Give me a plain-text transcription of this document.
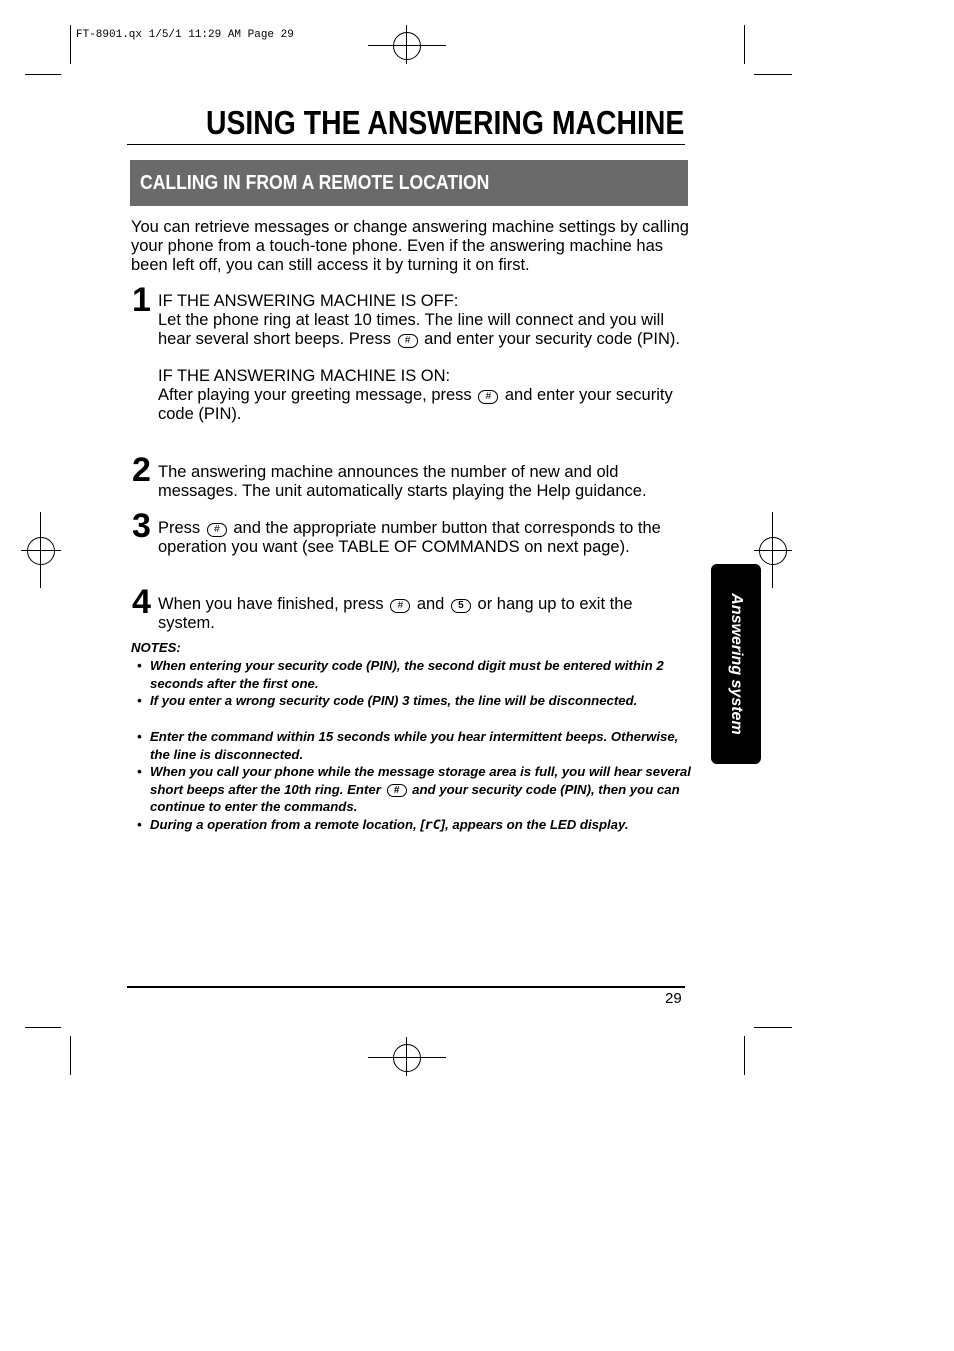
FT-8901.qx 1/5/1 11:29 AM Page 29
USING THE ANSWERING MACHINE
CALLING IN FROM A REMOTE LOCATION
You can retrieve messages or change answering machine settings by calling your phone from a touch-tone phone. Even if the answering machine has been left off, you can still access it by turning it on first.
1 IF THE ANSWERING MACHINE IS OFF:
Let the phone ring at least 10 times. The line will connect and you will hear several short beeps. Press # and enter your security code (PIN).
IF THE ANSWERING MACHINE IS ON:
After playing your greeting message, press # and enter your security code (PIN).
2 The answering machine announces the number of new and old messages. The unit automatically starts playing the Help guidance.
3 Press # and the appropriate number button that corresponds to the operation you want (see TABLE OF COMMANDS on next page).
4 When you have finished, press # and 5 or hang up to exit the system.
NOTES:
• When entering your security code (PIN), the second digit must be entered within 2 seconds after the first one.
• If you enter a wrong security code (PIN) 3 times, the line will be disconnected.
• Enter the command within 15 seconds while you hear intermittent beeps. Otherwise, the line is disconnected.
• When you call your phone while the message storage area is full, you will hear several short beeps after the 10th ring. Enter # and your security code (PIN), then you can continue to enter the commands.
• During a operation from a remote location, [rC], appears on the LED display.
Answering system
29
